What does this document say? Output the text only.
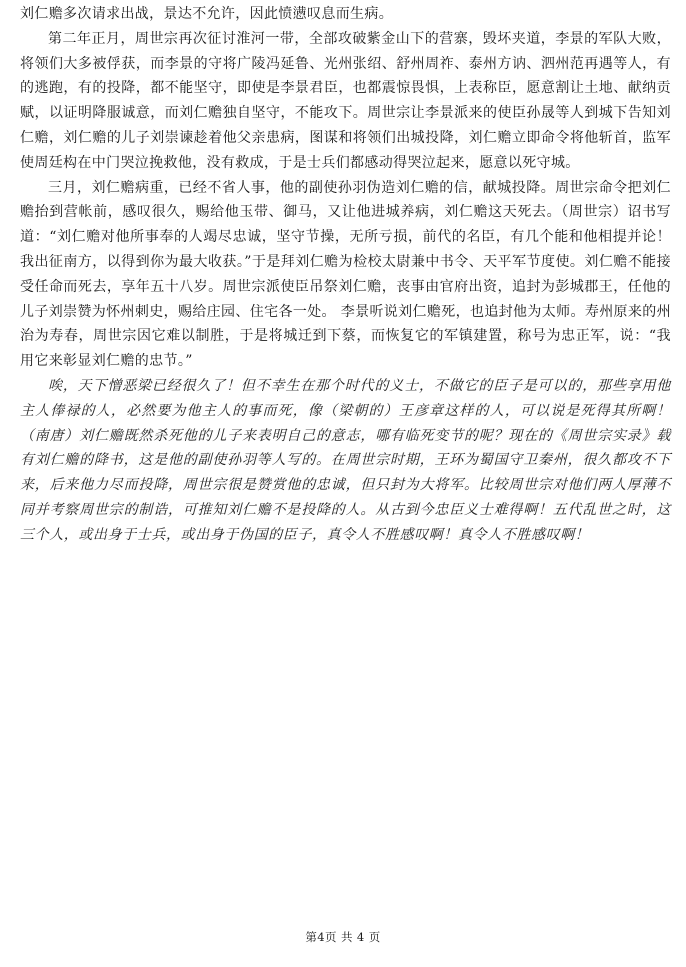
刘仁赡多次请求出战，景达不允许，因此愤懑叹息而生病。

第二年正月，周世宗再次征讨淮河一带，全部攻破紫金山下的营寨，毁坏夹道，李景的军队大败，将领们大多被俘获，而李景的守将广陵冯延鲁、光州张绍、舒州周祚、泰州方讷、泗州范再遇等人，有的逃跑，有的投降，都不能坚守，即使是李景君臣，也都震惊畏惧，上表称臣，愿意割让土地、献纳贡赋，以证明降服诚意，而刘仁赡独自坚守，不能攻下。周世宗让李景派来的使臣孙晟等人到城下告知刘仁赡，刘仁赡的儿子刘崇谏趁着他父亲患病，图谋和将领们出城投降，刘仁赡立即命令将他斩首，监军使周廷构在中门哭泣挽救他，没有救成，于是士兵们都感动得哭泣起来，愿意以死守城。

三月，刘仁赡病重，已经不省人事，他的副使孙羽伪造刘仁赡的信，献城投降。周世宗命令把刘仁赡抬到营帐前，感叹很久，赐给他玉带、御马，又让他进城养病，刘仁赡这天死去。（周世宗）诏书写道：“刘仁赡对他所事奉的人竭尽忠诚，坚守节操，无所亏损，前代的名臣，有几个能和他相提并论！我出征南方，以得到你为最大收获。”于是拜刘仁赡为检校太尉兼中书令、天平军节度使。刘仁赡不能接受任命而死去，享年五十八岁。周世宗派使臣吊祭刘仁赡，丧事由官府出资，追封为彭城郡王，任他的儿子刘崇赞为怀州刺史，赐给庄园、住宅各一处。 李景听说刘仁赡死，也追封他为太师。寿州原来的州治为寿春，周世宗因它难以制胜，于是将城迁到下蔡，而恢复它的军镇建置，称号为忠正军，说：“我用它来彰显刘仁赡的忠节。”

唉，天下憎恶梁已经很久了！但不幸生在那个时代的义士，不做它的臣子是可以的，那些享用他主人俸禄的人，必然要为他主人的事而死，像（梁朝的）王彦章这样的人，可以说是死得其所啊！（南唐）刘仁赡既然杀死他的儿子来表明自己的意志，哪有临死变节的呢？现在的《周世宗实录》载有刘仁赡的降书，这是他的副使孙羽等人写的。在周世宗时期，王环为蜀国守卫秦州，很久都攻不下来，后来他力尽而投降，周世宗很是赞赏他的忠诚，但只封为大将军。比较周世宗对他们两人厚薄不同并考察周世宗的制诰，可推知刘仁赡不是投降的人。从古到今忠臣义士难得啊！五代乱世之时，这三个人，或出身于士兵，或出身于伪国的臣子，真令人不胜感叹啊！真令人不胜感叹啊！

第4页 共 4 页
